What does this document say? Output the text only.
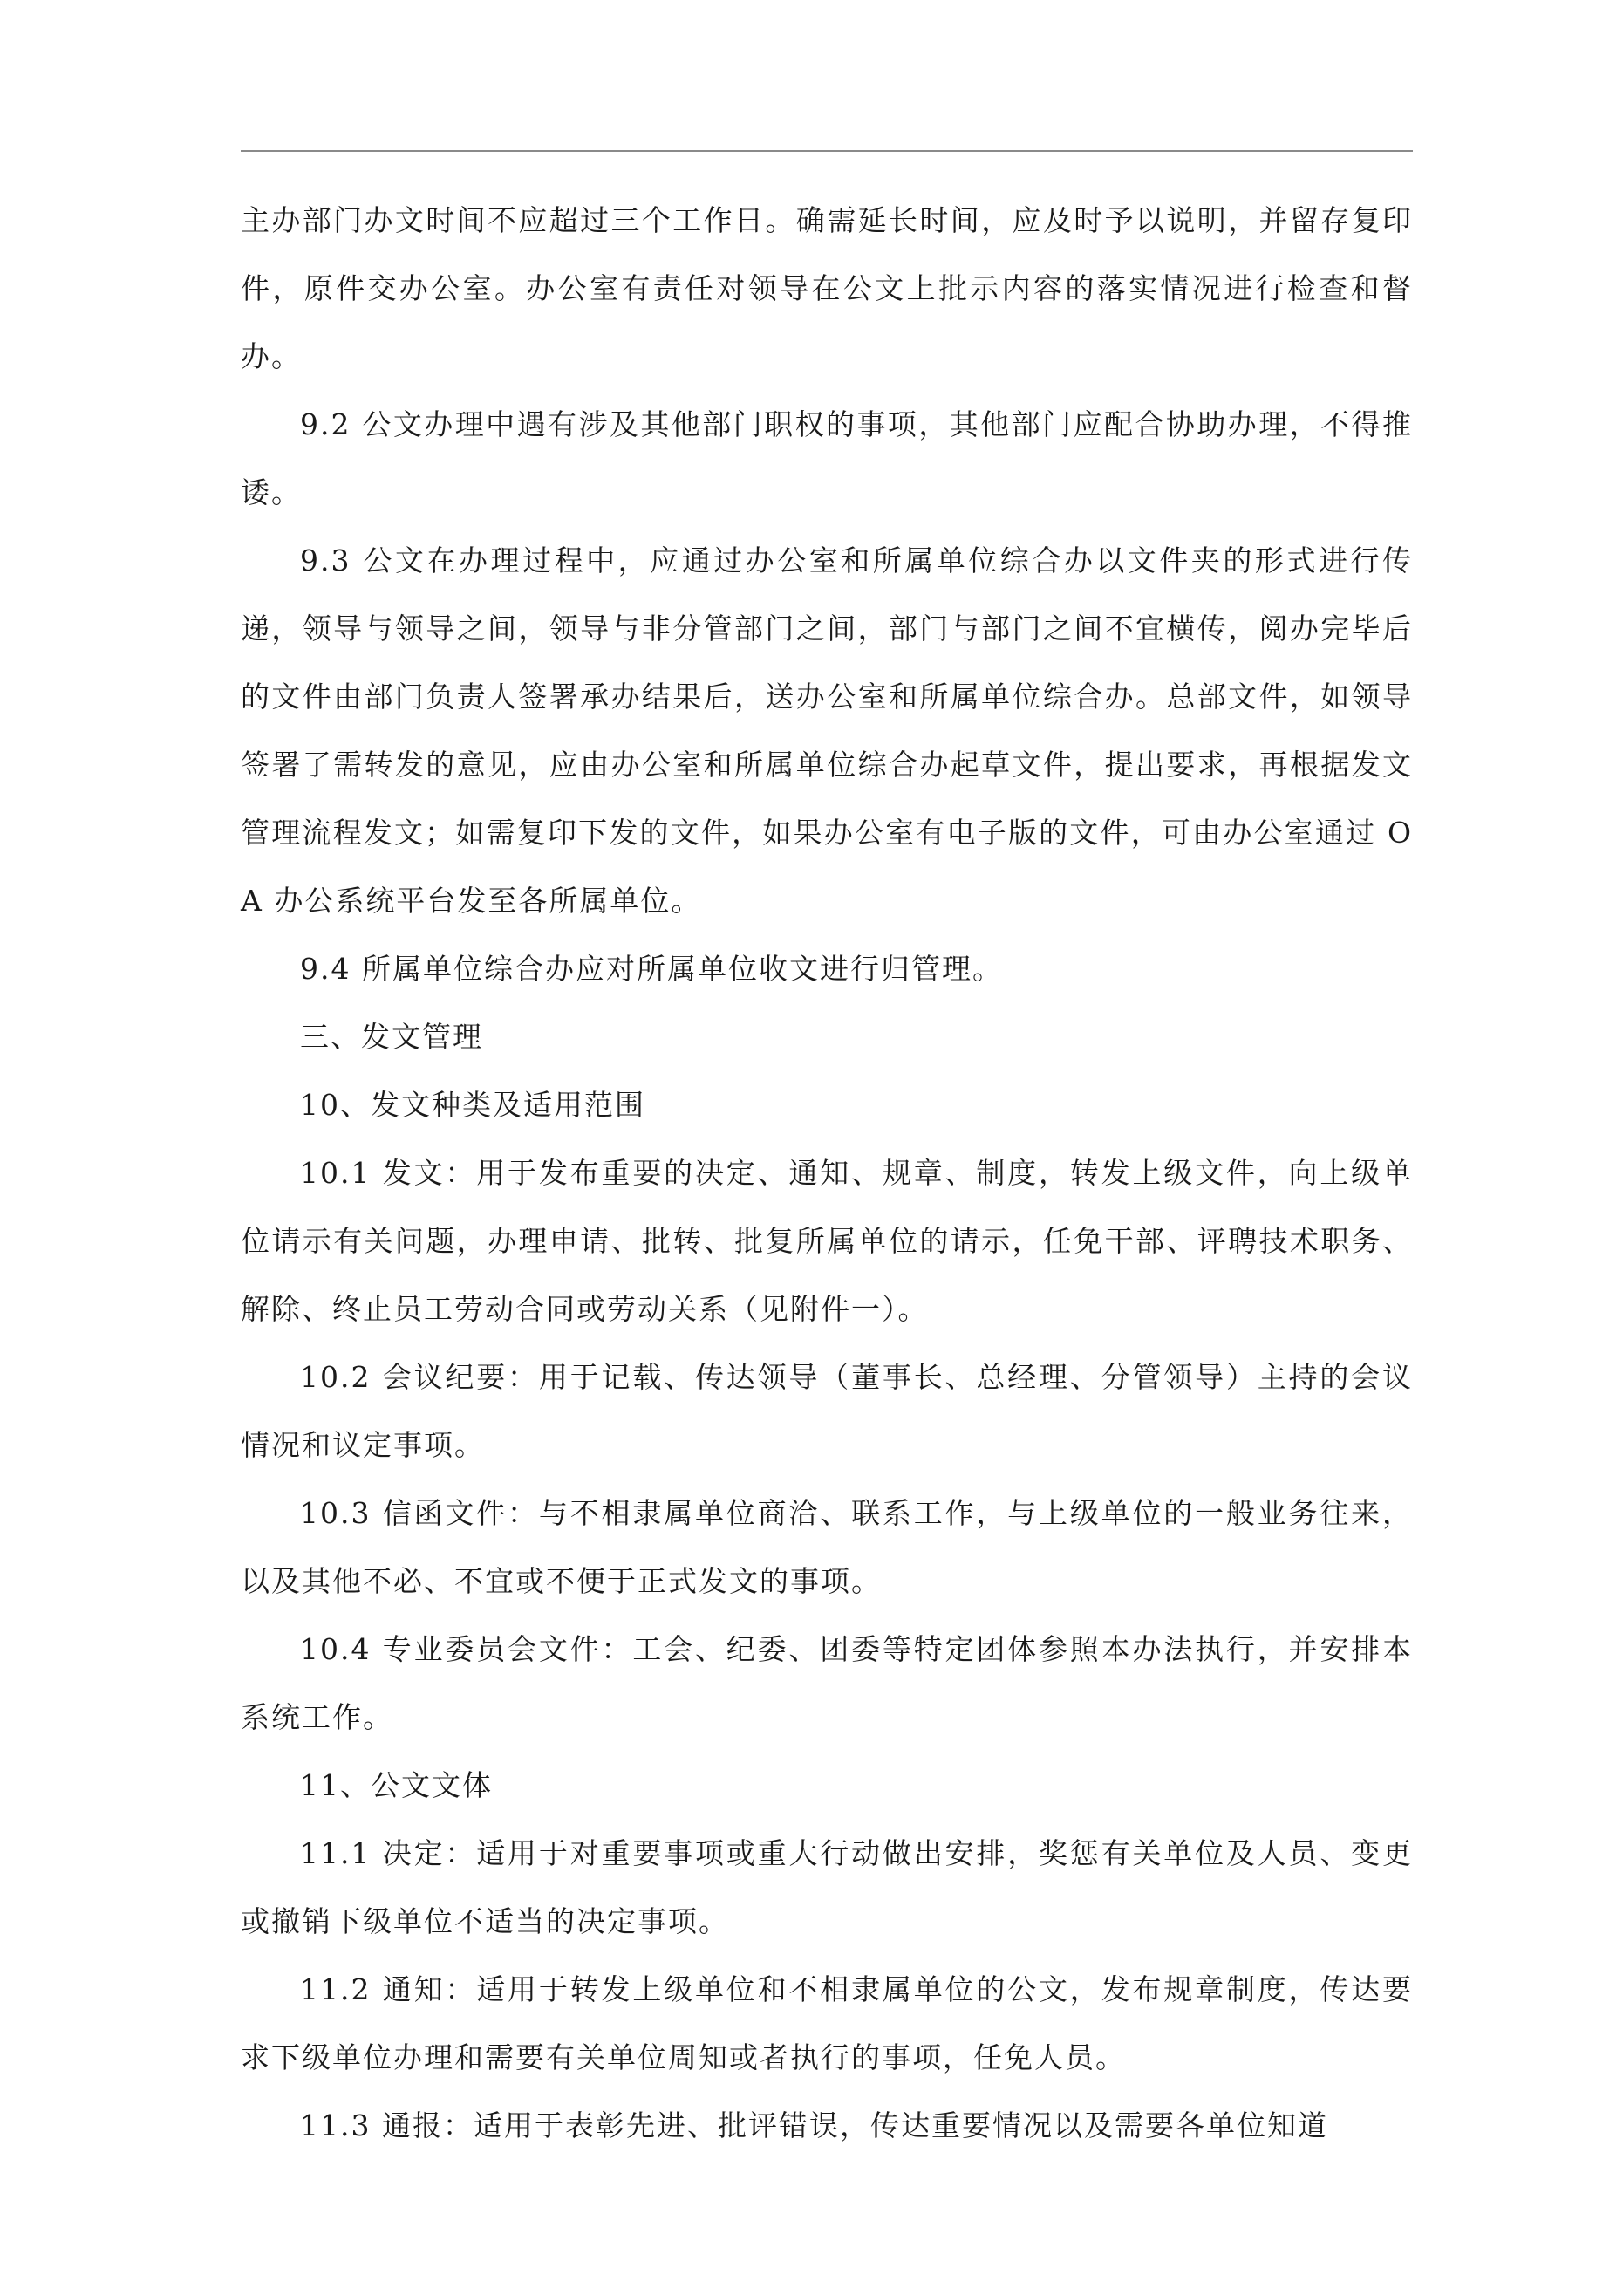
主办部门办文时间不应超过三个工作日。确需延长时间，应及时予以说明，并留存复印件，原件交办公室。办公室有责任对领导在公文上批示内容的落实情况进行检查和督办。

9.2 公文办理中遇有涉及其他部门职权的事项，其他部门应配合协助办理，不得推诿。

9.3 公文在办理过程中，应通过办公室和所属单位综合办以文件夹的形式进行传递，领导与领导之间，领导与非分管部门之间，部门与部门之间不宜横传，阅办完毕后的文件由部门负责人签署承办结果后，送办公室和所属单位综合办。总部文件，如领导签署了需转发的意见，应由办公室和所属单位综合办起草文件，提出要求，再根据发文管理流程发文；如需复印下发的文件，如果办公室有电子版的文件，可由办公室通过 OA 办公系统平台发至各所属单位。

9.4 所属单位综合办应对所属单位收文进行归管理。

三、发文管理

10、发文种类及适用范围

10.1 发文：用于发布重要的决定、通知、规章、制度，转发上级文件，向上级单位请示有关问题，办理申请、批转、批复所属单位的请示，任免干部、评聘技术职务、解除、终止员工劳动合同或劳动关系（见附件一）。

10.2 会议纪要：用于记载、传达领导（董事长、总经理、分管领导）主持的会议情况和议定事项。

10.3 信函文件：与不相隶属单位商洽、联系工作，与上级单位的一般业务往来，以及其他不必、不宜或不便于正式发文的事项。

10.4 专业委员会文件：工会、纪委、团委等特定团体参照本办法执行，并安排本系统工作。

11、公文文体

11.1 决定：适用于对重要事项或重大行动做出安排，奖惩有关单位及人员、变更或撤销下级单位不适当的决定事项。

11.2 通知：适用于转发上级单位和不相隶属单位的公文，发布规章制度，传达要求下级单位办理和需要有关单位周知或者执行的事项，任免人员。

11.3 通报：适用于表彰先进、批评错误，传达重要情况以及需要各单位知道
